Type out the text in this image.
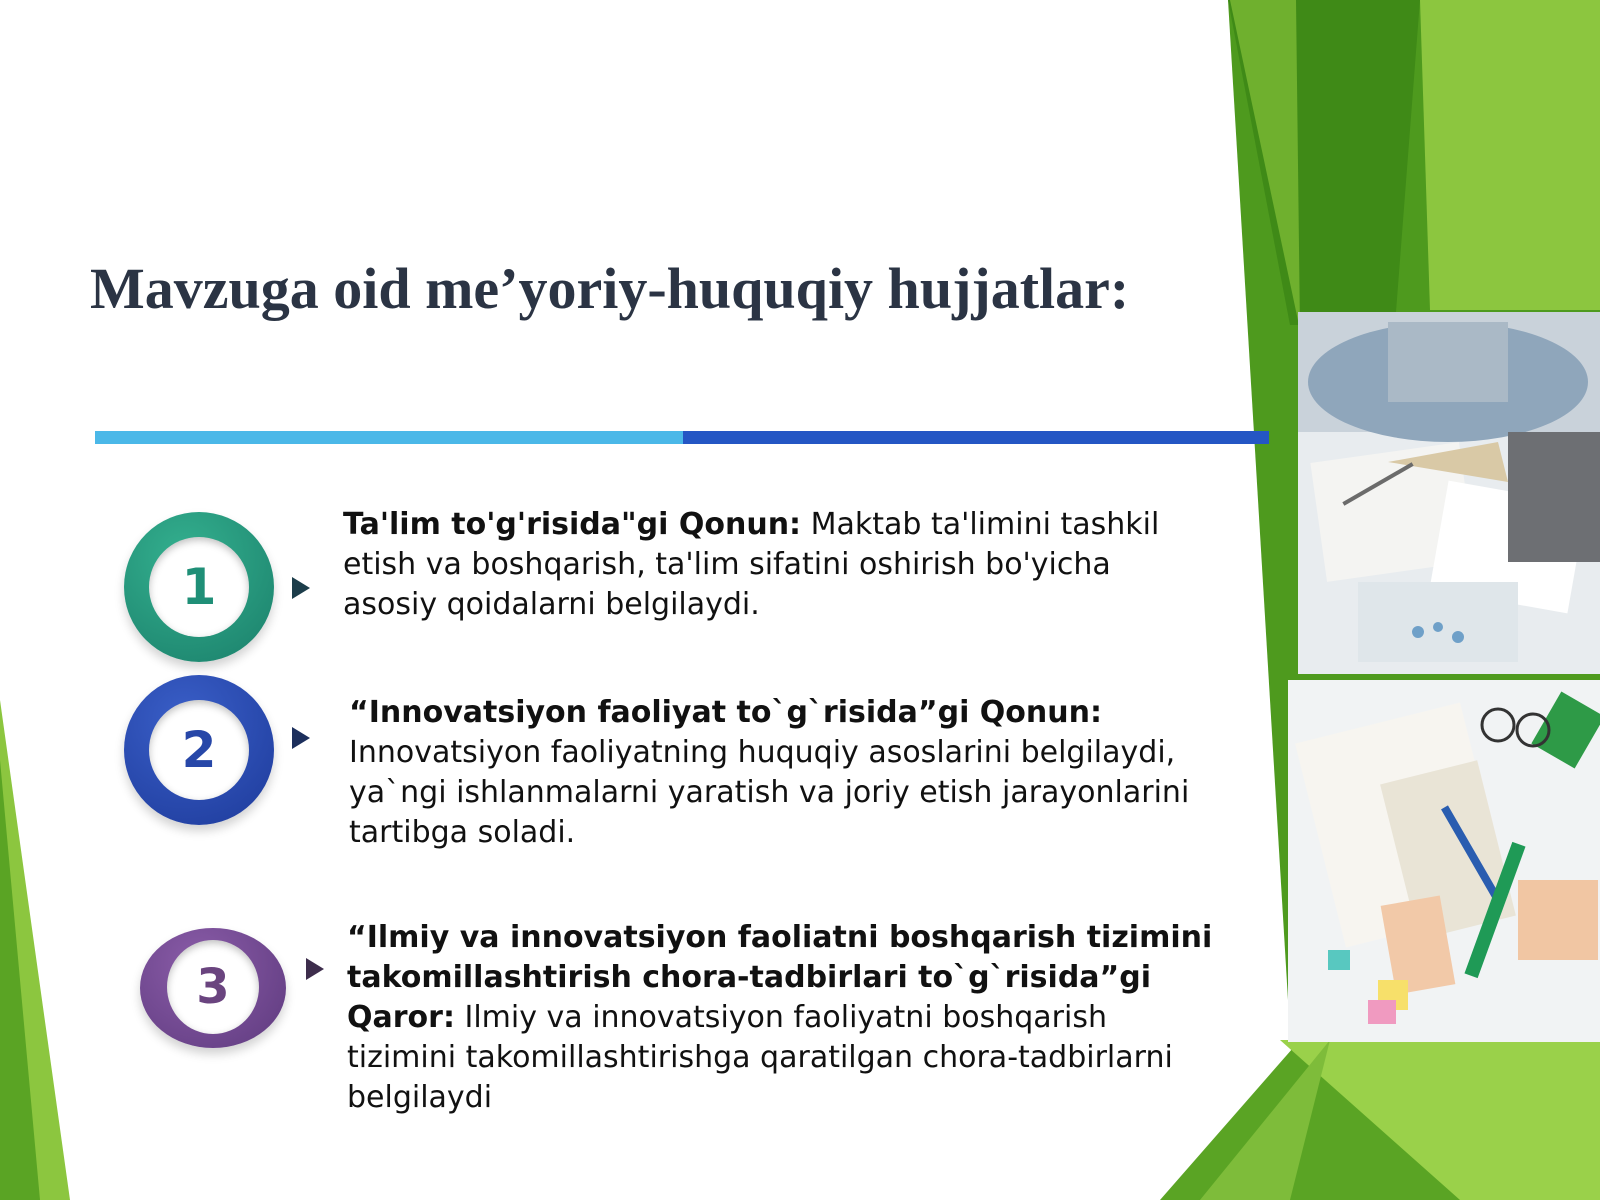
Mavzuga oid me’yoriy-huquqiy hujjatlar:
1

Ta'lim to'g'risida"gi Qonun: Maktab ta'limini tashkil etish va boshqarish, ta'lim sifatini oshirish bo'yicha asosiy qoidalarni belgilaydi.

2

“Innovatsiyon faoliyat to`g`risida”gi Qonun: Innovatsiyon faoliyatning huquqiy asoslarini belgilaydi, ya`ngi ishlanmalarni yaratish va joriy etish jarayonlarini tartibga soladi.

3

“Ilmiy va innovatsiyon faoliatni boshqarish tizimini takomillashtirish chora-tadbirlari to`g`risida”gi Qaror: Ilmiy va innovatsiyon faoliyatni boshqarish tizimini takomillashtirishga qaratilgan chora-tadbirlarni belgilaydi
